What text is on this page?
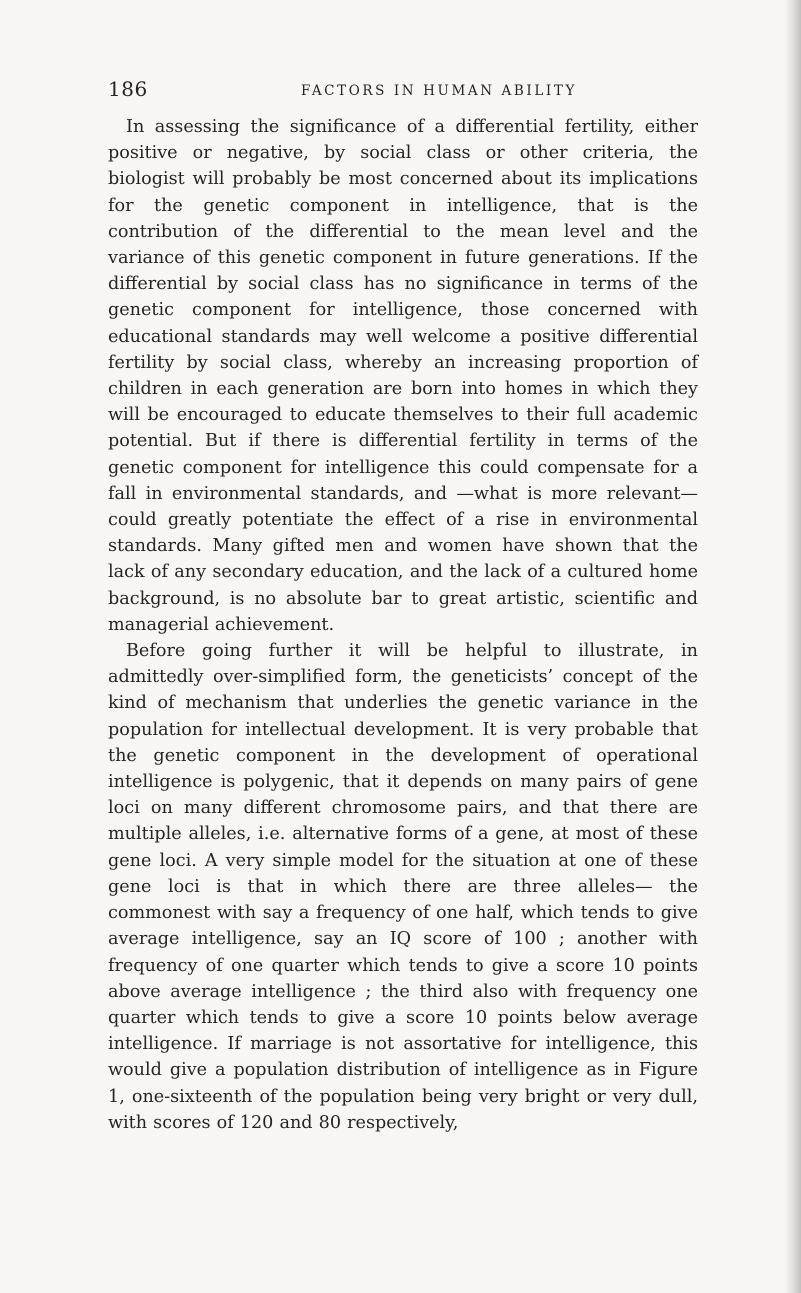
186	FACTORS IN HUMAN ABILITY

In assessing the significance of a differential fertility, either positive or negative, by social class or other criteria, the biologist will probably be most concerned about its implications for the genetic component in intelligence, that is the contribution of the differential to the mean level and the variance of this genetic component in future generations. If the differential by social class has no significance in terms of the genetic component for intelligence, those concerned with educational standards may well welcome a positive differential fertility by social class, whereby an increasing proportion of children in each generation are born into homes in which they will be encouraged to educate themselves to their full academic potential. But if there is differential fertility in terms of the genetic component for intelligence this could compensate for a fall in environmental standards, and —what is more relevant— could greatly potentiate the effect of a rise in environmental standards. Many gifted men and women have shown that the lack of any secondary education, and the lack of a cultured home background, is no absolute bar to great artistic, scientific and managerial achievement.

Before going further it will be helpful to illustrate, in admittedly over-simplified form, the geneticists’ concept of the kind of mechanism that underlies the genetic variance in the population for intellectual development. It is very probable that the genetic component in the development of operational intelligence is polygenic, that it depends on many pairs of gene loci on many different chromosome pairs, and that there are multiple alleles, i.e. alternative forms of a gene, at most of these gene loci. A very simple model for the situation at one of these gene loci is that in which there are three alleles— the commonest with say a frequency of one half, which tends to give average intelligence, say an IQ score of 100 ; another with frequency of one quarter which tends to give a score 10 points above average intelligence ; the third also with frequency one quarter which tends to give a score 10 points below average intelligence. If marriage is not assortative for intelligence, this would give a population distribution of intelligence as in Figure 1, one-sixteenth of the population being very bright or very dull, with scores of 120 and 80 respectively,
